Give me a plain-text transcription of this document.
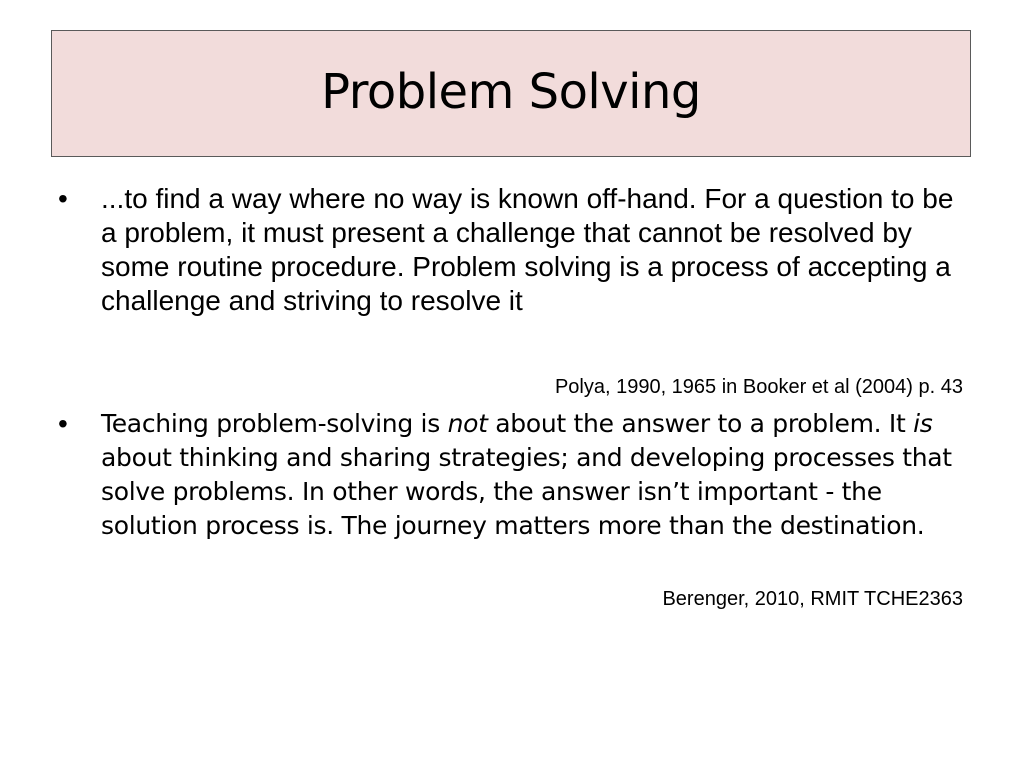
Problem Solving
• ...to find a way where no way is known off-hand. For a question to be a problem, it must present a challenge that cannot be resolved by some routine procedure. Problem solving is a process of accepting a challenge and striving to resolve it
Polya, 1990, 1965 in Booker et al (2004) p. 43
• Teaching problem-solving is not about the answer to a problem. It is about thinking and sharing strategies; and developing processes that solve problems. In other words, the answer isn’t important - the solution process is. The journey matters more than the destination.
Berenger, 2010, RMIT TCHE2363
